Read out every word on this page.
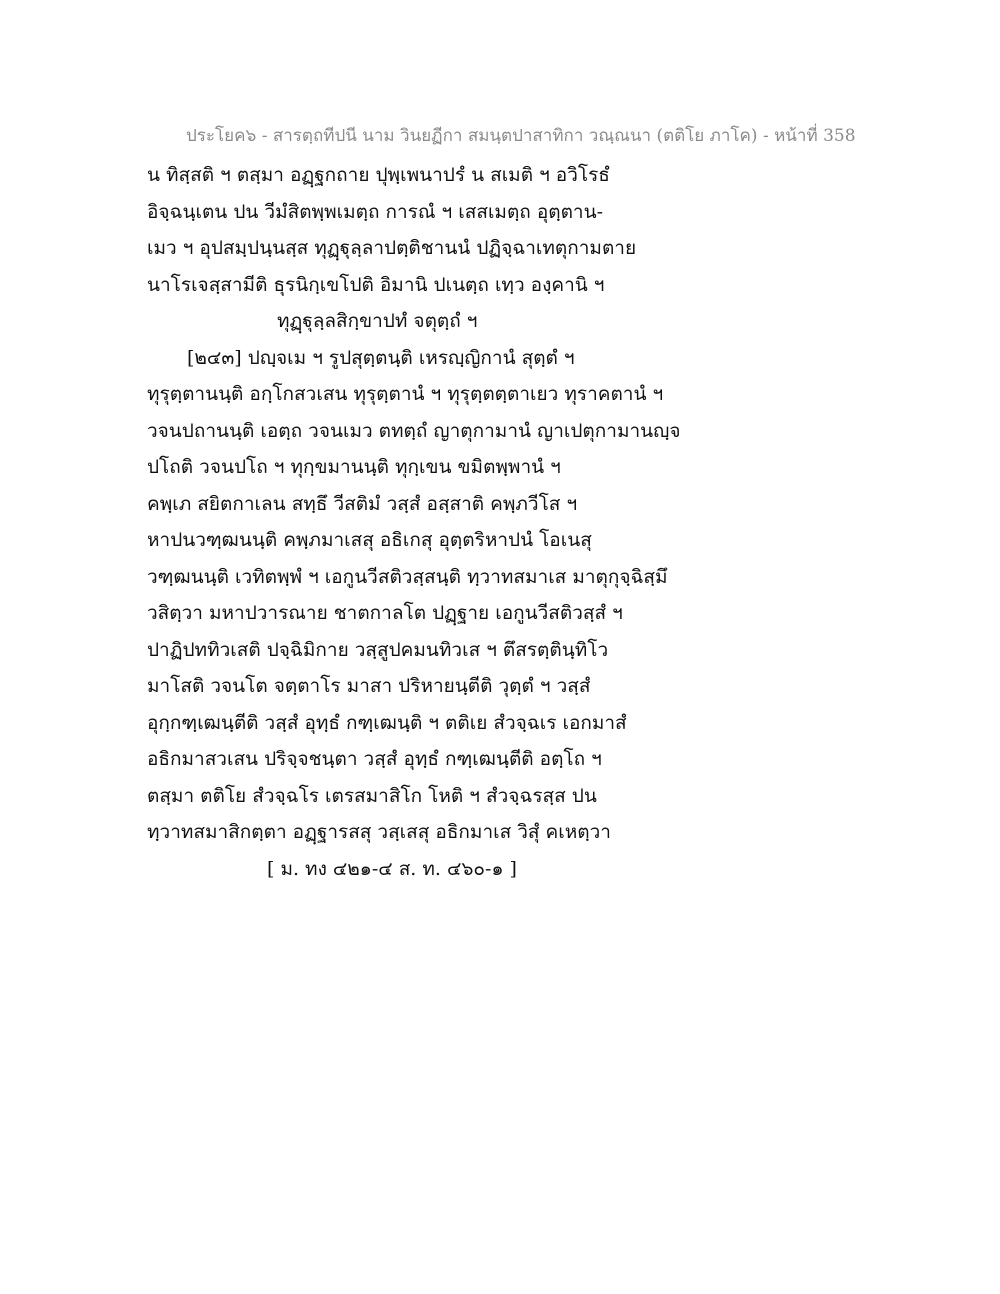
ประโยค๖ - สารตฺถทีปนี นาม วินยฏีกา สมนฺตปาสาทิกา วณฺณนา (ตติโย ภาโค) - หน้าที่ 358
น ทิสฺสติ ฯ ตสฺมา อฏฺฐกถาย ปุพฺเพนาปรํ น สเมติ ฯ อวิโรธํ
อิจฺฉนฺเตน ปน วีมํสิตพฺพเมตฺถ การณํ ฯ เสสเมตฺถ อุตฺตาน-
เมว ฯ อุปสมฺปนฺนสฺส ทุฏฺฐุลฺลาปตฺติชานนํ ปฏิจฺฉาเทตุกามตาย
นาโรเจสฺสามีติ ธุรนิกฺเขโปติ อิมานิ ปเนตฺถ เทฺว องฺคานิ ฯ
ทุฏฺฐุลฺลสิกฺขาปทํ จตุตฺถํ ฯ
[๒๔๓] ปญฺจเม ฯ รูปสุตฺตนฺติ เหรญฺญิกานํ สุตฺตํ ฯ
ทุรุตฺตานนฺติ อกฺโกสวเสน ทุรุตฺตานํ ฯ ทุรุตฺตตฺตาเยว ทุราคตานํ ฯ
วจนปถานนฺติ เอตฺถ วจนเมว ตทตฺถํ ญาตุกามานํ ญาเปตุกามานญฺจ
ปโถติ วจนปโถ ฯ ทุกฺขมานนฺติ ทุกฺเขน ขมิตพฺพานํ ฯ
คพฺเภ สยิตกาเลน สทฺธึ วีสติมํ วสฺสํ อสฺสาติ คพฺภวีโส ฯ
หาปนวฑฺฒนนฺติ คพฺภมาเสสุ อธิเกสุ อุตฺตริหาปนํ โอเนสุ
วฑฺฒนนฺติ เวทิตพฺพํ ฯ เอกูนวีสติวสฺสนฺติ ทฺวาทสมาเส มาตุกุจฺฉิสฺมึ
วสิตฺวา มหาปวารณาย ชาตกาลโต ปฏฺฐาย เอกูนวีสติวสฺสํ ฯ
ปาฏิปททิวเสติ ปจฺฉิมิกาย วสฺสูปคมนทิวเส ฯ ตึสรตฺตินฺทิโว
มาโสติ วจนโต จตฺตาโร มาสา ปริหายนฺตีติ วุตฺตํ ฯ วสฺสํ
อุกฺกฑฺเฒนฺตีติ วสฺสํ อุทฺธํ กฑฺเฒนฺติ ฯ ตติเย สํวจฺฉเร เอกมาสํ
อธิกมาสวเสน ปริจฺจชนฺตา วสฺสํ อุทฺธํ กฑฺเฒนฺตีติ อตฺโถ ฯ
ตสฺมา ตติโย สํวจฺฉโร เตรสมาสิโก โหติ ฯ สํวจฺฉรสฺส ปน
ทฺวาทสมาสิกตฺตา อฏฺฐารสสุ วสฺเสสุ อธิกมาเส วิสุํ คเหตฺวา
[ ม. ทง ๔๒๑-๔ ส. ท. ๔๖๐-๑ ]
